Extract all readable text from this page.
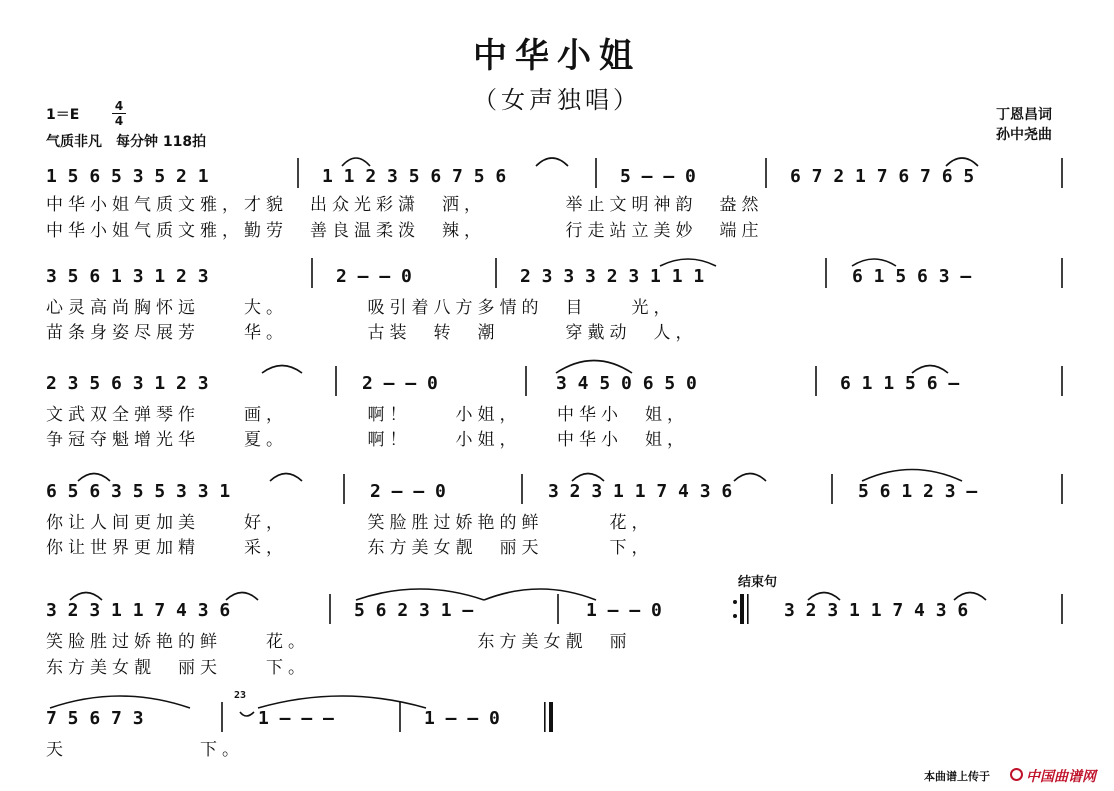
中华小姐
（女声独唱）
1＝E
4
4
气质非凡　每分钟 118拍
丁恩昌词
孙中尧曲
结束句
23
1 5 6 5 3 5 2 1	1 1 2 3 5 6 7 5 6	5 – – 0	6 7 2 1 7 6 7 6 5
中华小姐气质文雅，才貌　出众光彩潇　洒，　　　　举止文明神韵　盎然
中华小姐气质文雅，勤劳　善良温柔泼　辣，　　　　行走站立美妙　端庄
3 5 6 1 3 1 2 3	2 – – 0	2 3 3 3 2 3 1 1 1	6 1 5 6 3 –
心灵高尚胸怀远　　大。　　　　吸引着八方多情的　目　　光，
苗条身姿尽展芳　　华。　　　　古装　转　潮　　　穿戴动　人，
2 3 5 6 3 1 2 3	2 – – 0	3 4 5 0 6 5 0	6 1 1 5 6 –
文武双全弹琴作　　画，　　　　啊！　　小姐，　　中华小　姐，
争冠夺魁增光华　　夏。　　　　啊！　　小姐，　　中华小　姐，
6 5 6 3 5 5 3 3 1	2 – – 0	3 2 3 1 1 7 4 3 6	5 6 1 2 3 –
你让人间更加美　　好，　　　　笑脸胜过娇艳的鲜　　　花，
你让世界更加精　　采，　　　　东方美女靓　丽天　　　下，
3 2 3 1 1 7 4 3 6	5 6 2 3 1 –	1 – – 0	3 2 3 1 1 7 4 3 6
笑脸胜过娇艳的鲜　　花。　　　　　　　　东方美女靓　丽
东方美女靓　丽天　　下。
7 5 6 7 3	1 – – –	1 – – 0
天　　　　　　下。
本曲谱上传于	中国曲谱网
